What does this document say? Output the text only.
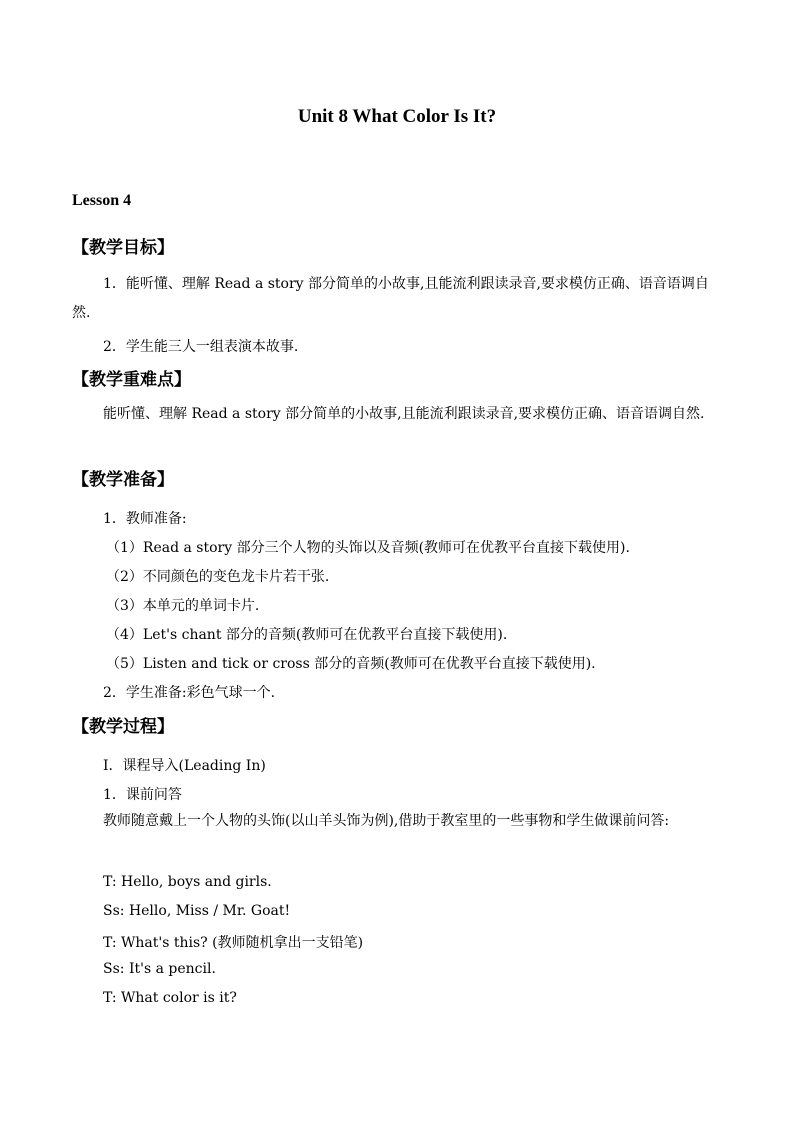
Unit 8 What Color Is It?
Lesson 4
【教学目标】
1．能听懂、理解 Read a story 部分简单的小故事,且能流利跟读录音,要求模仿正确、语音语调自然.
2．学生能三人一组表演本故事.
【教学重难点】
能听懂、理解 Read a story 部分简单的小故事,且能流利跟读录音,要求模仿正确、语音语调自然.
【教学准备】
1．教师准备:
（1）Read a story 部分三个人物的头饰以及音频(教师可在优教平台直接下载使用).
（2）不同颜色的变色龙卡片若干张.
（3）本单元的单词卡片.
（4）Let's chant 部分的音频(教师可在优教平台直接下载使用).
（5）Listen and tick or cross 部分的音频(教师可在优教平台直接下载使用).
2．学生准备:彩色气球一个.
【教学过程】
Ⅰ．课程导入(Leading In)
1．课前问答
教师随意戴上一个人物的头饰(以山羊头饰为例),借助于教室里的一些事物和学生做课前问答:
T: Hello, boys and girls.
Ss: Hello, Miss / Mr. Goat!
T: What's this? (教师随机拿出一支铅笔)
Ss: It's a pencil.
T: What color is it?
